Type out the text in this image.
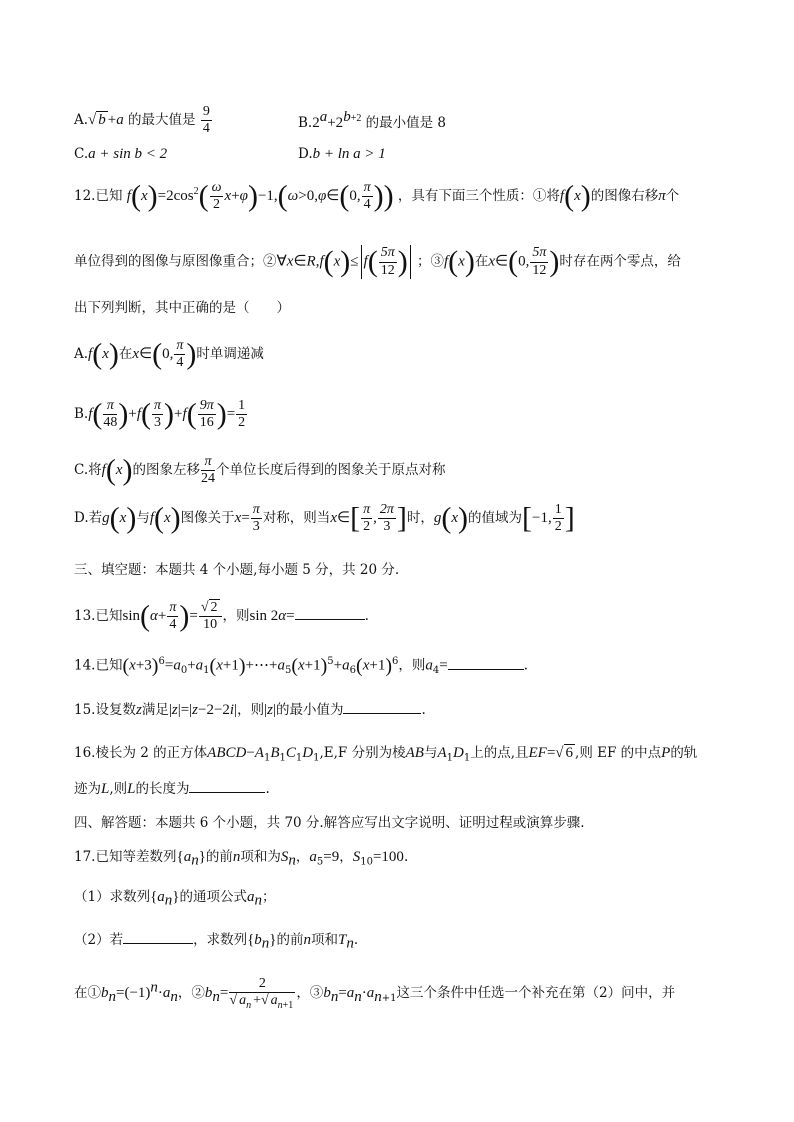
A.√ b +a 的最大值是 $\frac{9}{4}$	$B.2^a+2^{b+2}$ 的最小值是 8
C.a + sin b < 2	D.b + ln a > 1
12.已知 $f(x)=2\cos^2( \frac{\omega}{2}$ x+φ)−1,(ω>0,φ∈(0, $\frac{\pi}{4}$ )) ，具有下面三个性质：①将f(x)的图像右移π个
单位得到的图像与原图像重合；②∀x∈R,f(x)≤ $f( \frac{5\pi}{12}$ ) ；③f(x)在x∈(0, $\frac{5\pi}{12}$ )时存在两个零点，给
出下列判断，其中正确的是（　　）
A.f(x)在x∈(0, $\frac{\pi}{4}$ )时单调递减
$B.f( \frac{\pi}{48} )+f( \frac{\pi}{3} )+f( \frac{9\pi}{16}$ )= $\frac{1}{2}$
C.将f(x)的图象左移 $\frac{\pi}{24}$ 个单位长度后得到的图象关于原点对称
D.若g(x)与f(x)图像关于$x= \frac{\pi}{3}$ 对称，则当x∈[ $\frac{\pi}{2}$ , $\frac{2\pi}{3}$ ]时，g(x)的值域为[−1, $\frac{1}{2}$ ]
三、填空题：本题共 4 个小题,每小题 5 分，共 20 分.
13.已知$\sin(\alpha+ \frac{\pi}{4}$ )= $\frac{√ 2}{10}$ ，则sin 2α=	.
14.已知$(x+3)^6=a_0+a_1(x+1)+\cdots+a_5(x+1)^5+a_6(x+1)^6$，则$a_4=$	.
15.设复数z满足|z|=|z−2−2i|，则|z|的最小值为	.
16.棱长为 2 的正方体$ABCD-A_1B_1C_1D_1,E,F$ 分别为棱AB与$A_1D_1$上的点,且EF=√ 6 ,则 EF 的中点P的轨
迹为L,则L的长度为	.
四、解答题：本题共 6 个小题，共 70 分.解答应写出文字说明、证明过程或演算步骤.
17.已知等差数列$\{a_n\}$的前n项和为$S_n$，$a_5=9$，$S_{10}=100$.
（1）求数列$\{a_n\}$的通项公式$a_n$；
（2）若	，求数列$\{b_n\}$的前n项和$T_n$.
在$①b_n=(-1)^n\cdot a_n$，$②b_n= \frac{2}{√ a_n +√ a_{n+1}}$ ，$③b_n=a_n\cdot a_{n+1}$这三个条件中任选一个补充在第（2）问中，并
